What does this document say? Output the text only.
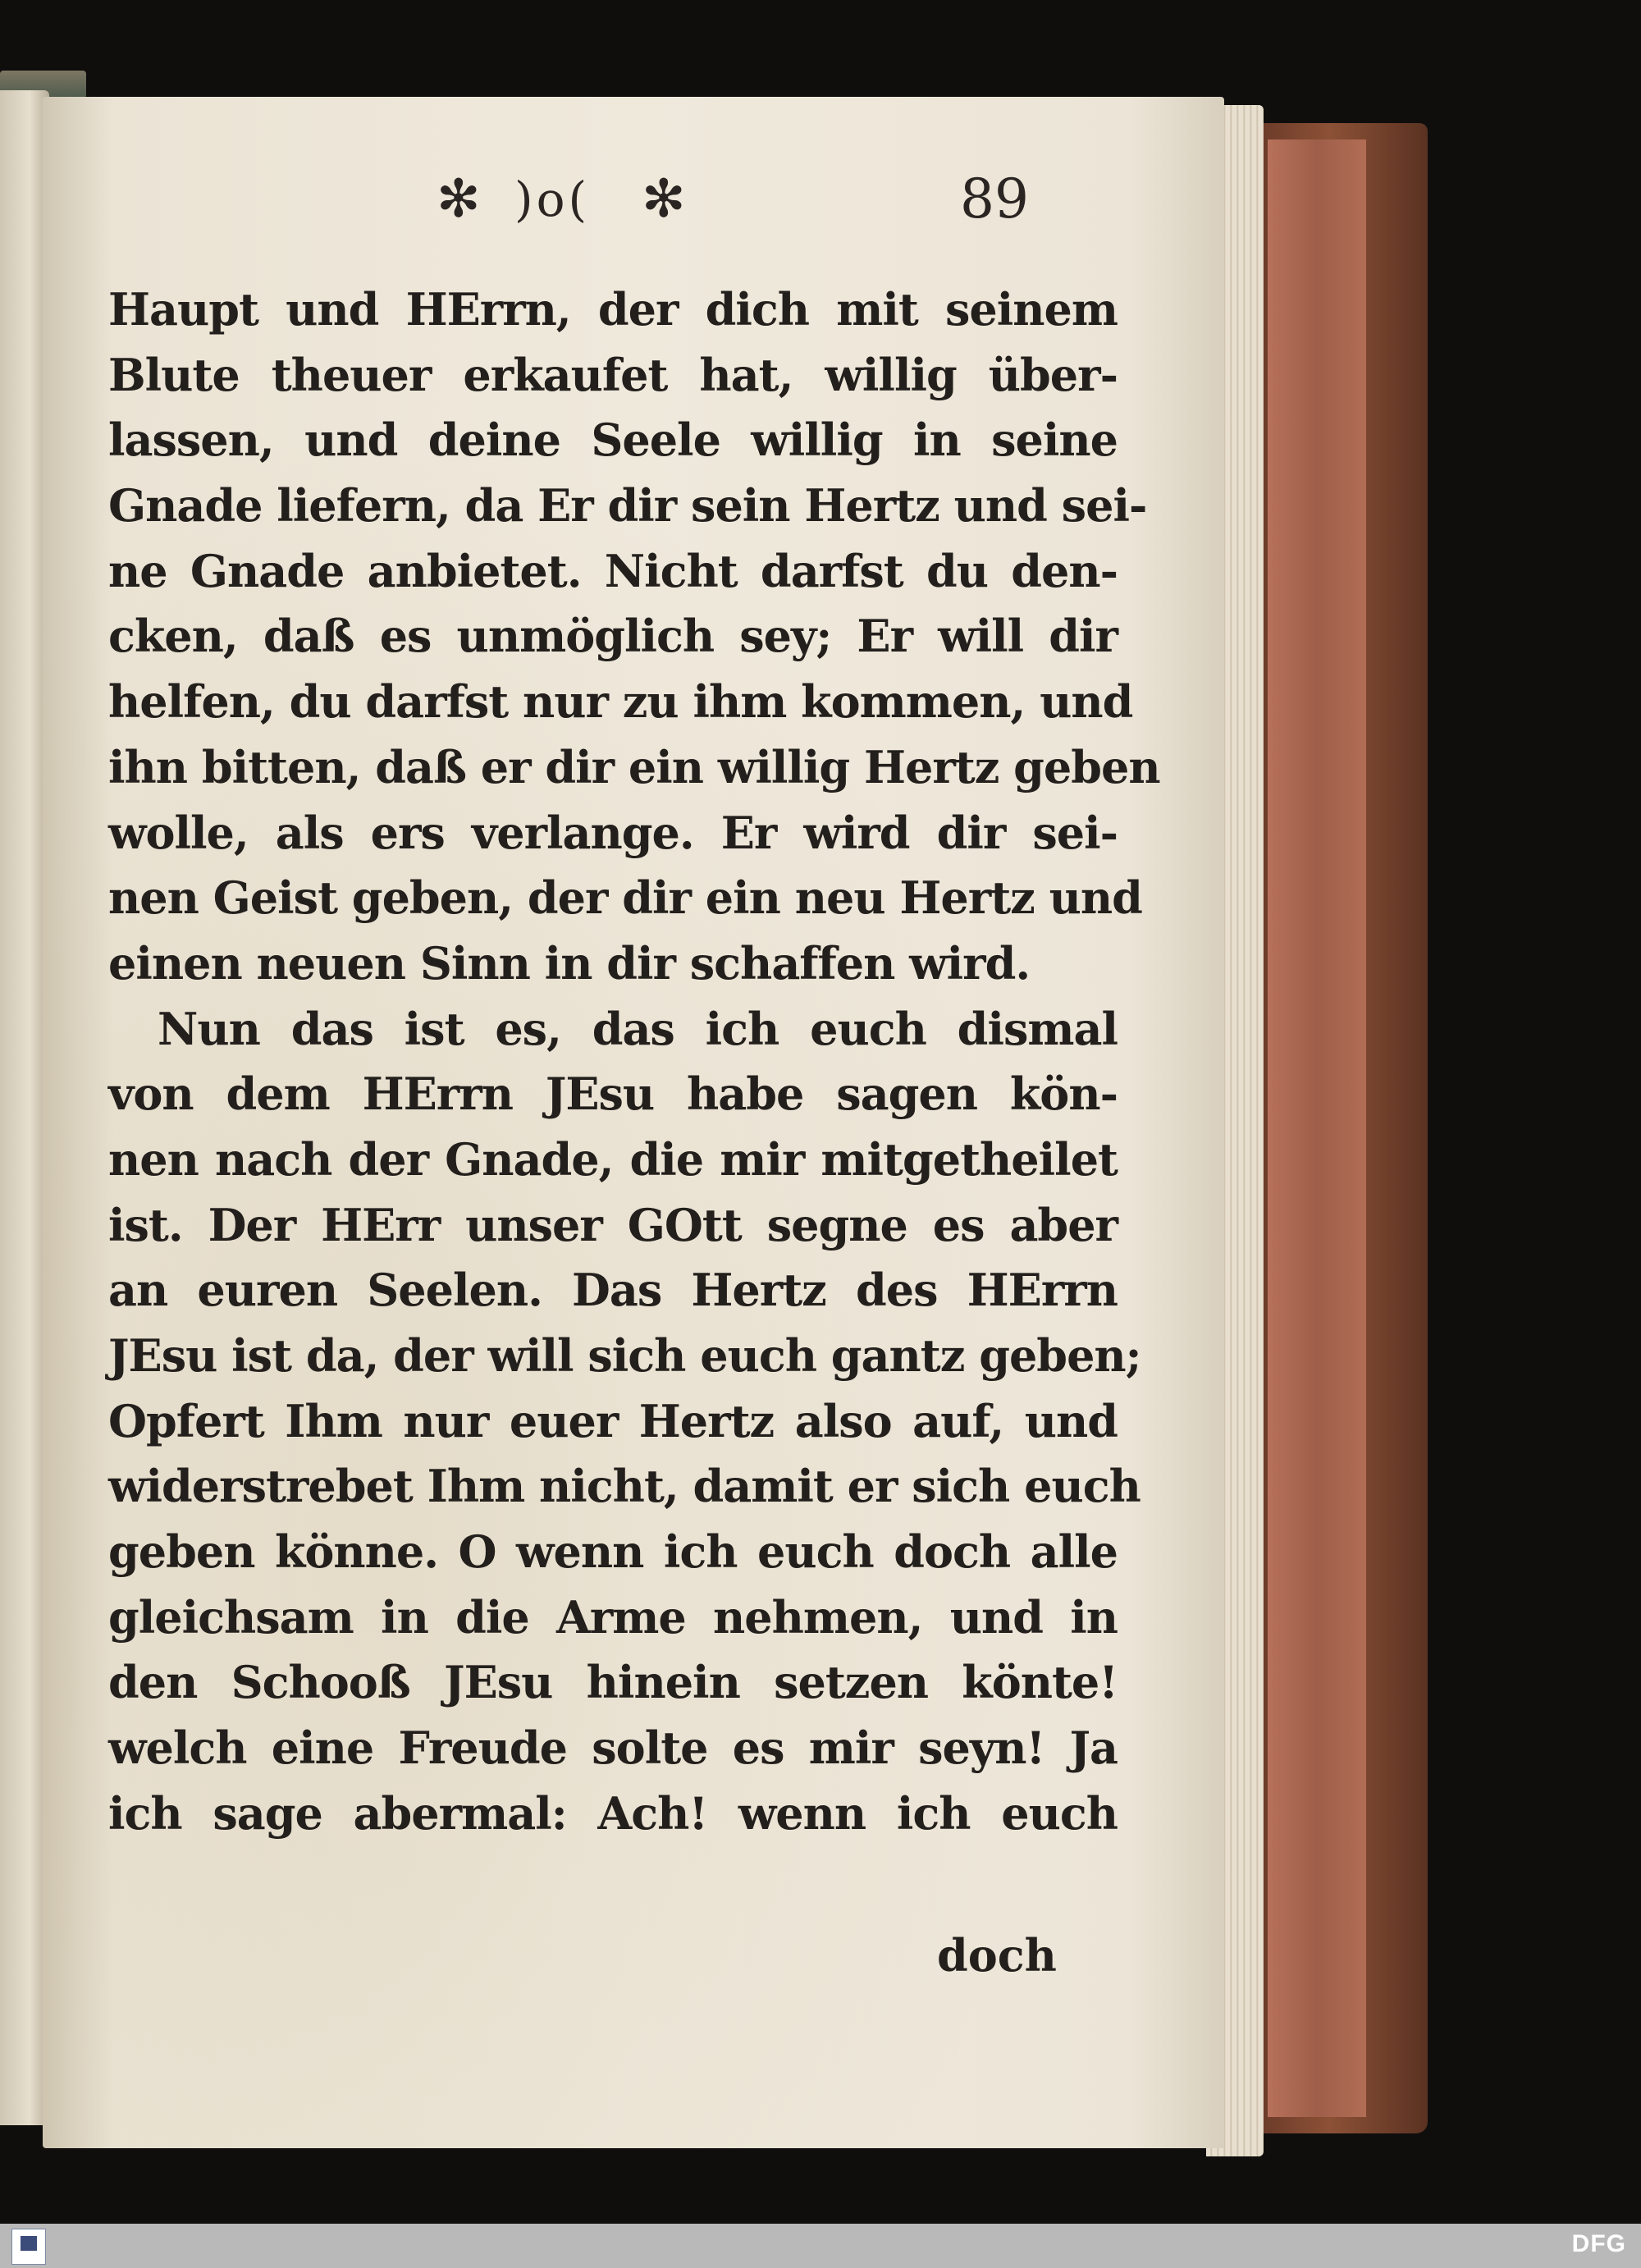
✻ )o( ✻	89
Haupt und HErrn, der dich mit seinem
Blute theuer erkaufet hat, willig über-
lassen, und deine Seele willig in seine
Gnade liefern, da Er dir sein Hertz und sei-
ne Gnade anbietet. Nicht darfst du den-
cken, daß es unmöglich sey; Er will dir
helfen, du darfst nur zu ihm kommen, und
ihn bitten, daß er dir ein willig Hertz geben
wolle, als ers verlange. Er wird dir sei-
nen Geist geben, der dir ein neu Hertz und
einen neuen Sinn in dir schaffen wird.
Nun das ist es, das ich euch dismal
von dem HErrn JEsu habe sagen kön-
nen nach der Gnade, die mir mitgetheilet
ist. Der HErr unser GOtt segne es aber
an euren Seelen. Das Hertz des HErrn
JEsu ist da, der will sich euch gantz geben;
Opfert Ihm nur euer Hertz also auf, und
widerstrebet Ihm nicht, damit er sich euch
geben könne. O wenn ich euch doch alle
gleichsam in die Arme nehmen, und in
den Schooß JEsu hinein setzen könte!
welch eine Freude solte es mir seyn! Ja
ich sage abermal: Ach! wenn ich euch
doch
DFG
